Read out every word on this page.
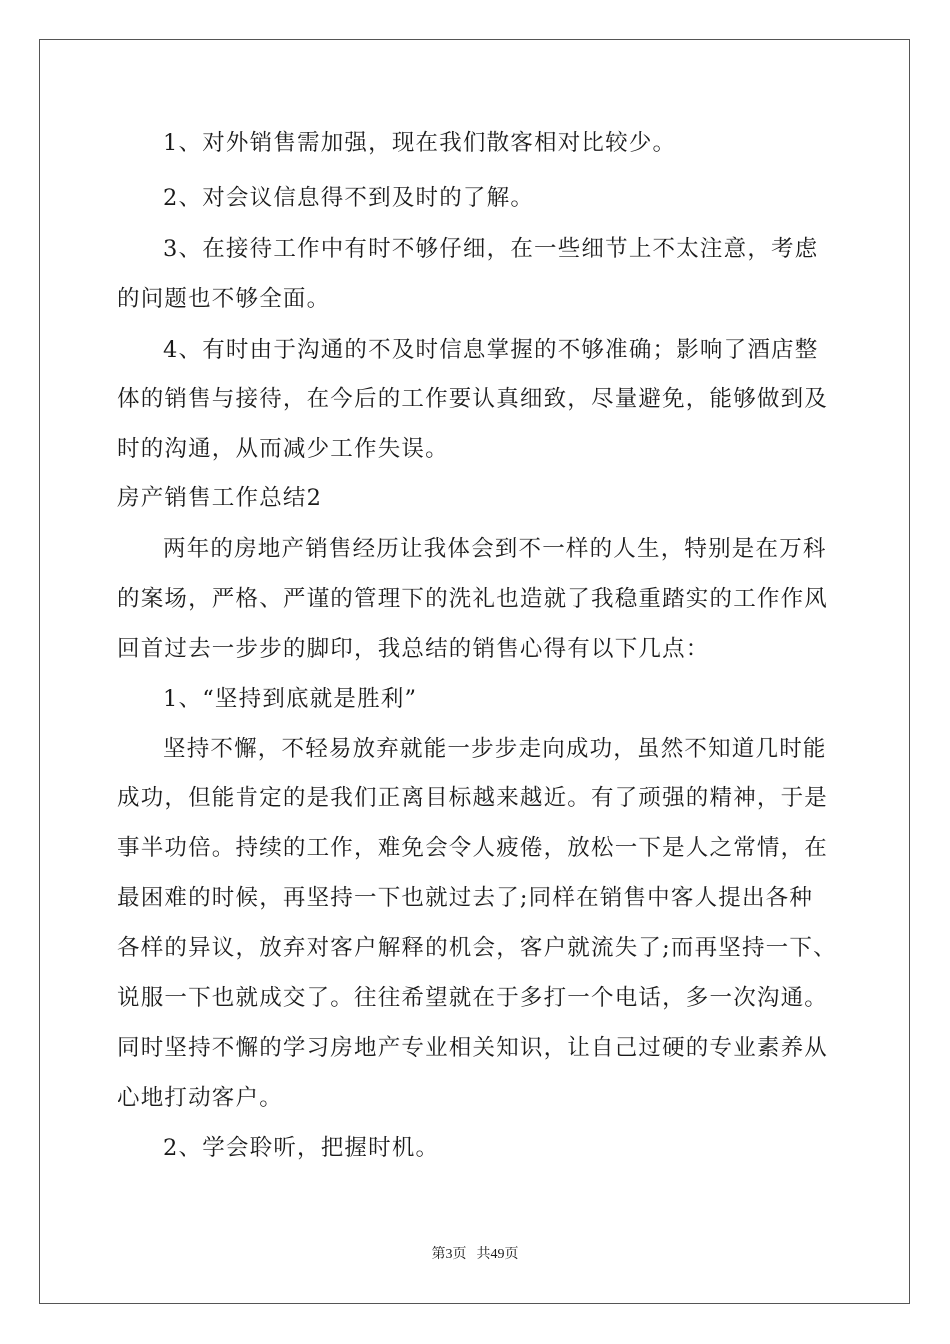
1、对外销售需加强，现在我们散客相对比较少。
2、对会议信息得不到及时的了解。
3、在接待工作中有时不够仔细，在一些细节上不太注意，考虑
的问题也不够全面。
4、有时由于沟通的不及时信息掌握的不够准确；影响了酒店整
体的销售与接待，在今后的工作要认真细致，尽量避免，能够做到及
时的沟通，从而减少工作失误。
房产销售工作总结2
两年的房地产销售经历让我体会到不一样的人生，特别是在万科
的案场，严格、严谨的管理下的洗礼也造就了我稳重踏实的工作作风
回首过去一步步的脚印，我总结的销售心得有以下几点：
1、“坚持到底就是胜利”
坚持不懈，不轻易放弃就能一步步走向成功，虽然不知道几时能
成功，但能肯定的是我们正离目标越来越近。有了顽强的精神，于是
事半功倍。持续的工作，难免会令人疲倦，放松一下是人之常情，在
最困难的时候，再坚持一下也就过去了;同样在销售中客人提出各种
各样的异议，放弃对客户解释的机会，客户就流失了;而再坚持一下、
说服一下也就成交了。往往希望就在于多打一个电话，多一次沟通。
同时坚持不懈的学习房地产专业相关知识，让自己过硬的专业素养从
心地打动客户。
2、学会聆听，把握时机。
第3页 共49页
